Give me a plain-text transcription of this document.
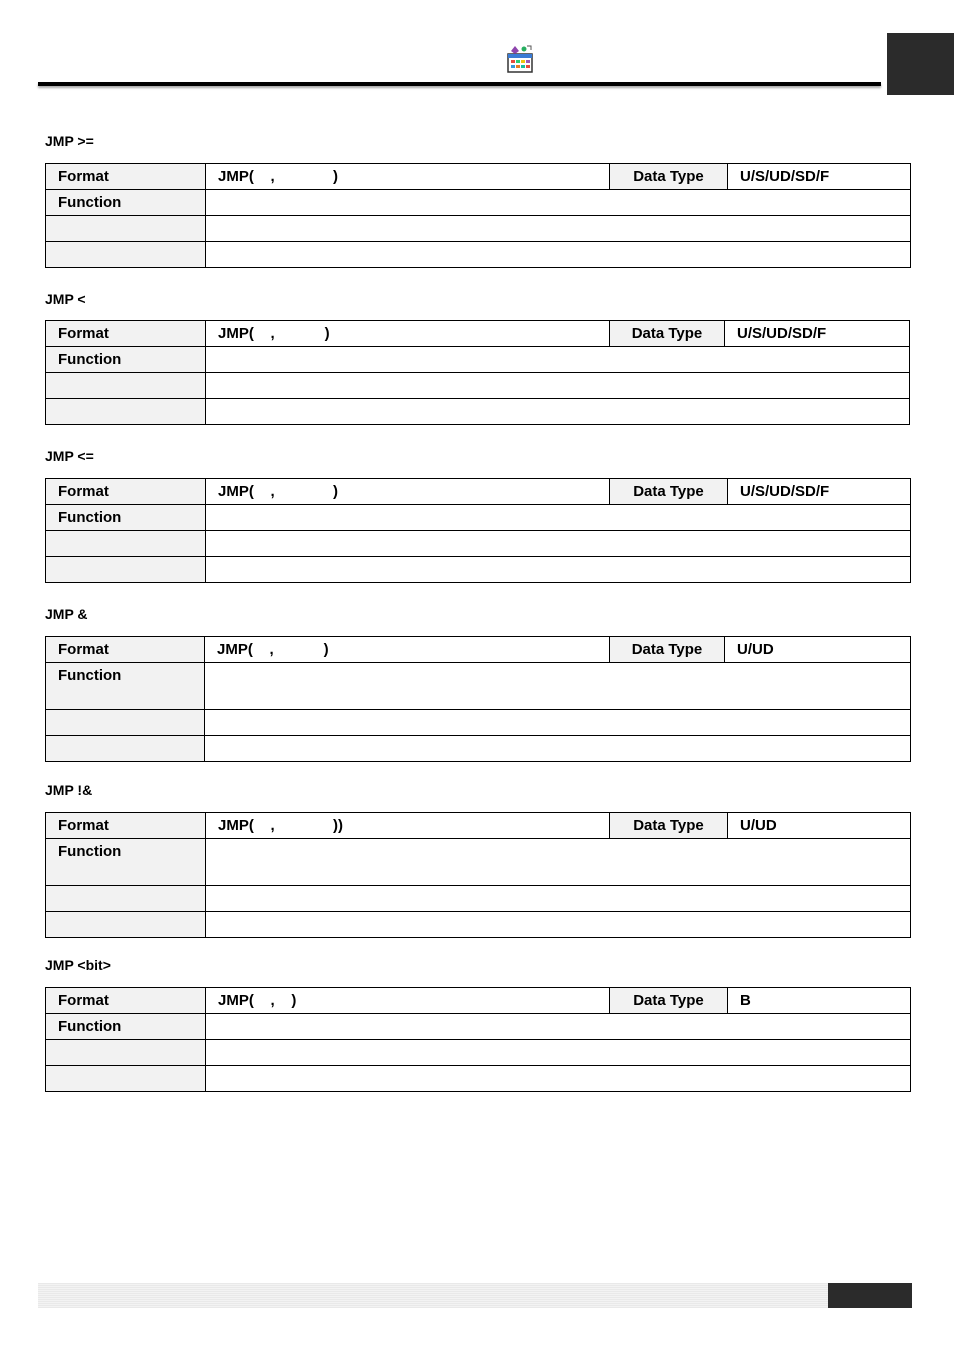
JMP >=

Format	JMP(    ,              )	Data Type	U/S/UD/SD/F
Function			

JMP <

Format	JMP(    ,            )	Data Type	U/S/UD/SD/F
Function			

JMP <=

Format	JMP(    ,              )	Data Type	U/S/UD/SD/F
Function			

JMP &

Format	JMP(    ,            )	Data Type	U/UD
Function			

JMP !&

Format	JMP(    ,              ))	Data Type	U/UD
Function			

JMP <bit>

Format	JMP(    ,    )	Data Type	B
Function			
